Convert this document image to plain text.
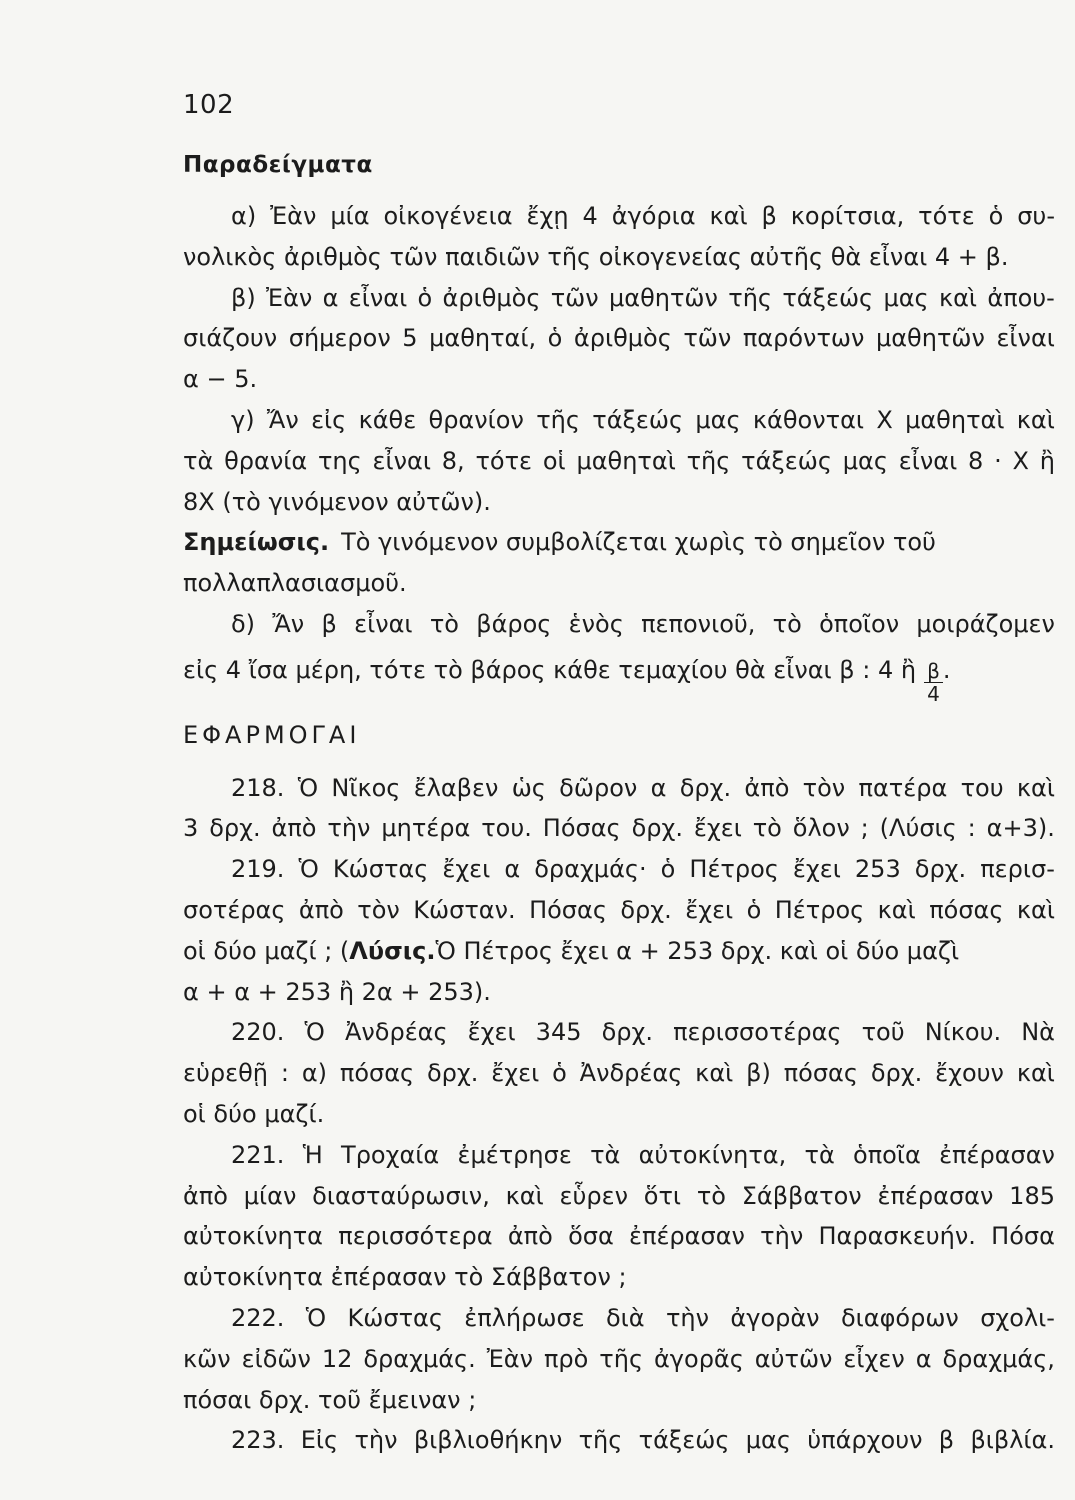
102
Παραδείγματα
α) Ἐὰν μία οἰκογένεια ἔχῃ 4 ἀγόρια καὶ β κορίτσια, τότε ὁ συ-
νολικὸς ἀριθμὸς τῶν παιδιῶν τῆς οἰκογενείας αὐτῆς θὰ εἶναι 4 + β.
β) Ἐὰν α εἶναι ὁ ἀριθμὸς τῶν μαθητῶν τῆς τάξεώς μας καὶ ἀπου-
σιάζουν σήμερον 5 μαθηταί, ὁ ἀριθμὸς τῶν παρόντων μαθητῶν εἶναι
α − 5.
γ) Ἄν εἰς κάθε θρανίον τῆς τάξεώς μας κάθονται Χ μαθηταὶ καὶ
τὰ θρανία της εἶναι 8, τότε οἱ μαθηταὶ τῆς τάξεώς μας εἶναι 8 · Χ ἢ
8Χ (τὸ γινόμενον αὐτῶν).
Σημείωσις. Τὸ γινόμενον συμβολίζεται χωρὶς τὸ σημεῖον τοῦ
πολλαπλασιασμοῦ.
δ) Ἄν β εἶναι τὸ βάρος ἑνὸς πεπονιοῦ, τὸ ὁποῖον μοιράζομεν
εἰς 4 ἴσα μέρη, τότε τὸ βάρος κάθε τεμαχίου θὰ εἶναι β : 4 ἢ $\frac{\beta}{4}$ .
ΕΦΑΡΜΟΓΑΙ
218. Ὁ Νῖκος ἔλαβεν ὡς δῶρον α δρχ. ἀπὸ τὸν πατέρα του καὶ
3 δρχ. ἀπὸ τὴν μητέρα του. Πόσας δρχ. ἔχει τὸ ὅλον ; (Λύσις : α+3).
219. Ὁ Κώστας ἔχει α δραχμάς· ὁ Πέτρος ἔχει 253 δρχ. περισ-
σοτέρας ἀπὸ τὸν Κώσταν. Πόσας δρχ. ἔχει ὁ Πέτρος καὶ πόσας καὶ
οἱ δύο μαζί ; ( Λύσις. Ὁ Πέτρος ἔχει α + 253 δρχ. καὶ οἱ δύο μαζὶ
α + α + 253 ἢ 2α + 253).
220. Ὁ Ἀνδρέας ἔχει 345 δρχ. περισσοτέρας τοῦ Νίκου. Νὰ
εὑρεθῇ : α) πόσας δρχ. ἔχει ὁ Ἀνδρέας καὶ β) πόσας δρχ. ἔχουν καὶ
οἱ δύο μαζί.
221. Ἡ Τροχαία ἐμέτρησε τὰ αὐτοκίνητα, τὰ ὁποῖα ἐπέρασαν
ἀπὸ μίαν διασταύρωσιν, καὶ εὗρεν ὅτι τὸ Σάββατον ἐπέρασαν 185
αὐτοκίνητα περισσότερα ἀπὸ ὅσα ἐπέρασαν τὴν Παρασκευήν. Πόσα
αὐτοκίνητα ἐπέρασαν τὸ Σάββατον ;
222. Ὁ Κώστας ἐπλήρωσε διὰ τὴν ἀγορὰν διαφόρων σχολι-
κῶν εἰδῶν 12 δραχμάς. Ἐὰν πρὸ τῆς ἀγορᾶς αὐτῶν εἶχεν α δραχμάς,
πόσαι δρχ. τοῦ ἔμειναν ;
223. Εἰς τὴν βιβλιοθήκην τῆς τάξεώς μας ὑπάρχουν β βιβλία.
